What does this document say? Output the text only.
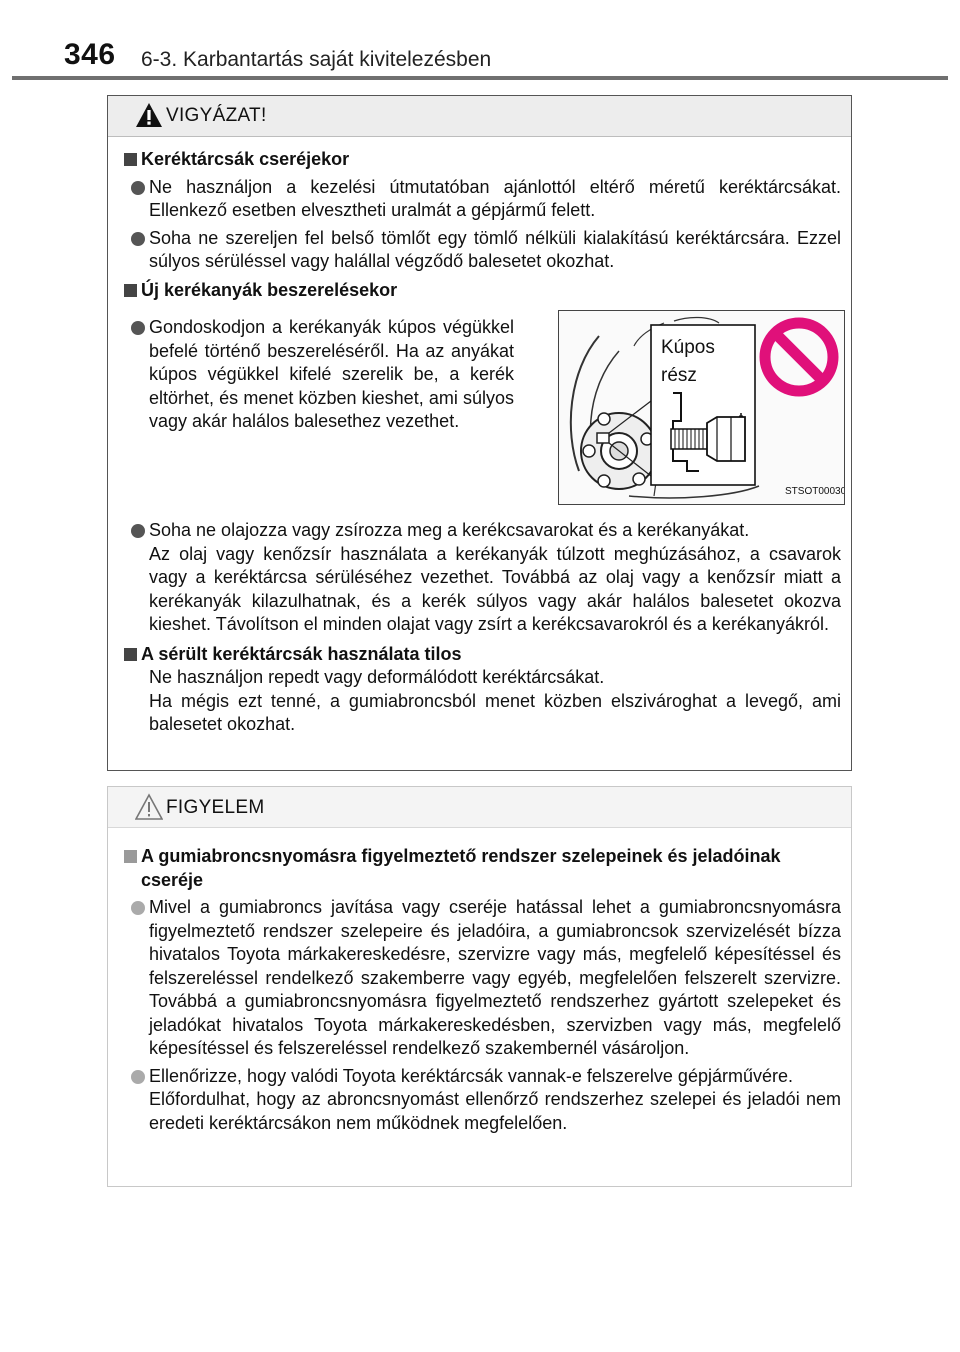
346 6-3. Karbantartás saját kivitelezésben
VIGYÁZAT!
Keréktárcsák cseréjekor
Ne használjon a kezelési útmutatóban ajánlottól eltérő méretű keréktárcsákat. Ellenkező esetben elvesztheti uralmát a gépjármű felett.
Soha ne szereljen fel belső tömlőt egy tömlő nélküli kialakítású keréktárcsára. Ezzel súlyos sérüléssel vagy halállal végződő balesetet okozhat.
Új kerékanyák beszerelésekor
Gondoskodjon a kerékanyák kúpos végükkel befelé történő beszereléséről. Ha az anyákat kúpos végükkel kifelé szerelik be, a kerék eltörhet, és menet közben kieshet, ami súlyos vagy akár halálos balesethez vezethet.
Kúpos
rész
STSOT00030
Soha ne olajozza vagy zsírozza meg a kerékcsavarokat és a kerékanyákat.
Az olaj vagy kenőzsír használata a kerékanyák túlzott meghúzásához, a csavarok vagy a keréktárcsa sérüléséhez vezethet. Továbbá az olaj vagy a kenőzsír miatt a kerékanyák kilazulhatnak, és a kerék súlyos vagy akár halálos balesetet okozva kieshet. Távolítson el minden olajat vagy zsírt a kerékcsavarokról és a kerékanyákról.
A sérült keréktárcsák használata tilos
Ne használjon repedt vagy deformálódott keréktárcsákat.
Ha mégis ezt tenné, a gumiabroncsból menet közben elszivároghat a levegő, ami balesetet okozhat.
FIGYELEM
A gumiabroncsnyomásra figyelmeztető rendszer szelepeinek és jeladóinak cseréje
Mivel a gumiabroncs javítása vagy cseréje hatással lehet a gumiabroncsnyomásra figyelmeztető rendszer szelepeire és jeladóira, a gumiabroncsok szervizelését bízza hivatalos Toyota márkakereskedésre, szervizre vagy más, megfelelő képesítéssel és felszereléssel rendelkező szakemberre vagy egyéb, megfelelően felszerelt szervizre. Továbbá a gumiabroncsnyomásra figyelmeztető rendszerhez gyártott szelepeket és jeladókat hivatalos Toyota márkakereskedésben, szervizben vagy más, megfelelő képesítéssel és felszereléssel rendelkező szakembernél vásároljon.
Ellenőrizze, hogy valódi Toyota keréktárcsák vannak-e felszerelve gépjárművére.
Előfordulhat, hogy az abroncsnyomást ellenőrző rendszerhez szelepei és jeladói nem eredeti keréktárcsákon nem működnek megfelelően.
